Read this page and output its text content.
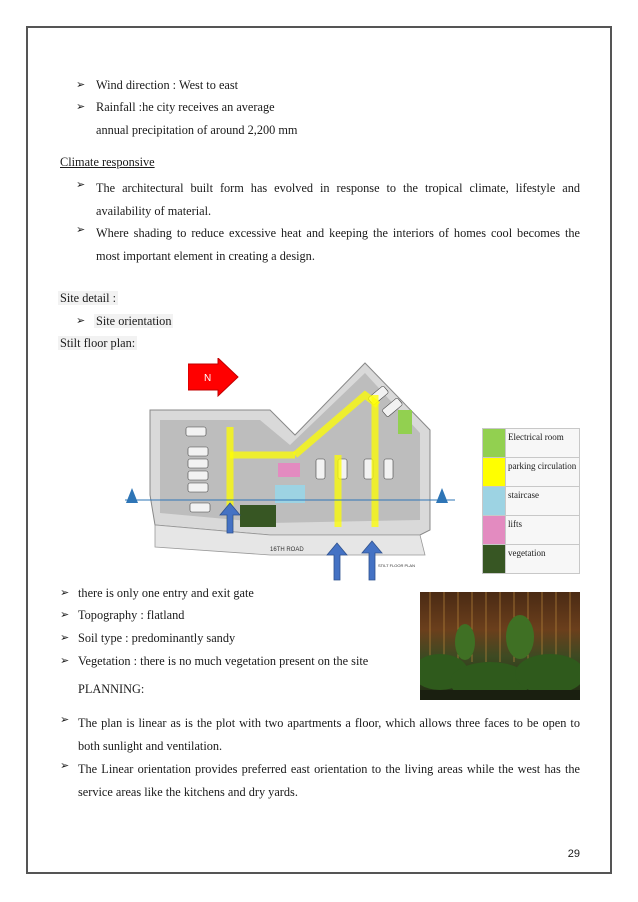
➢ Wind direction : West to east
➢ Rainfall :he city receives an average
annual precipitation of around 2,200 mm
Climate responsive
➢ The architectural built form has evolved in response to the tropical climate, lifestyle and availability of material.
➢ Where shading to reduce excessive heat and keeping the interiors of homes cool becomes the most important element in creating a design.
Site detail :
➢ Site orientation
Stilt floor plan:
16TH ROAD
STILT FLOOR PLAN
N
	Electrical room
	parking circulation
	staircase
	lifts
	vegetation
➢ there is only one entry and exit gate
➢ Topography : flatland
➢ Soil type : predominantly sandy
➢ Vegetation : there is no much vegetation present on the site
PLANNING:
➢ The plan is linear as is the plot with two apartments a floor, which allows three faces to be open to both sunlight and ventilation.
➢ The Linear orientation provides preferred east orientation to the living areas while the west has the service areas like the kitchens and dry yards.
29
